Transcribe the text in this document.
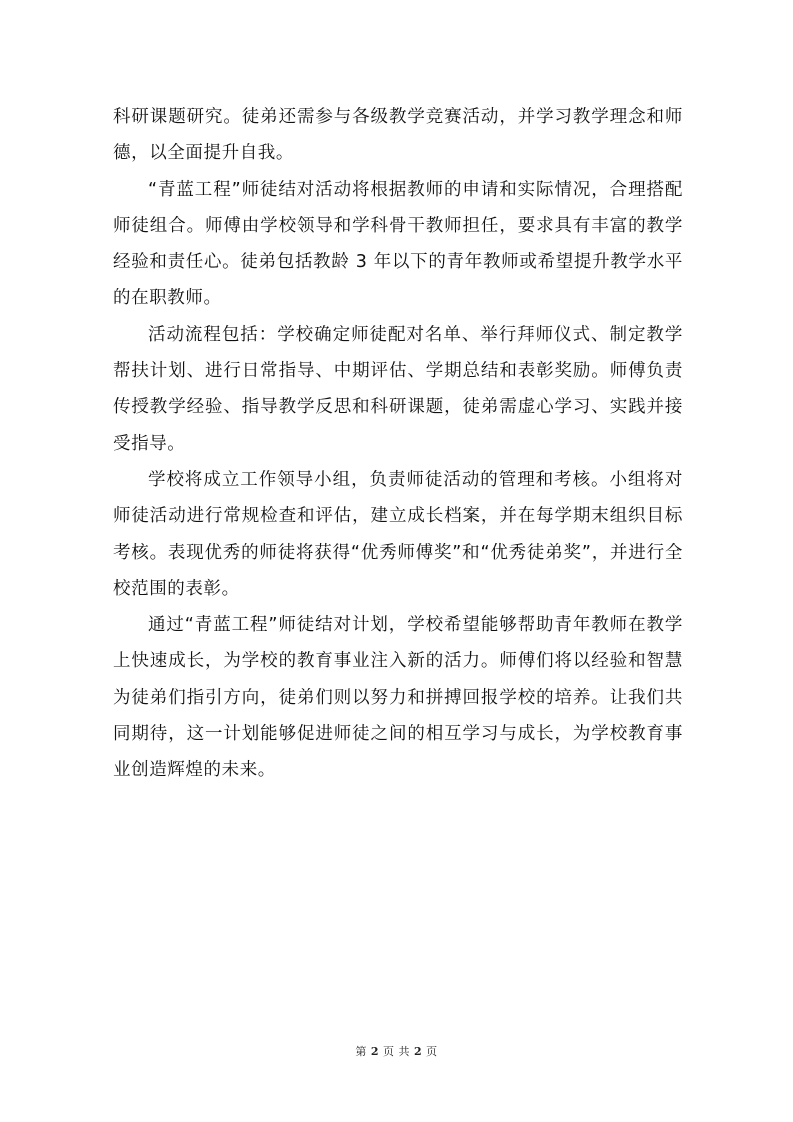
科研课题研究。徒弟还需参与各级教学竞赛活动，并学习教学理念和师德，以全面提升自我。

“青蓝工程”师徒结对活动将根据教师的申请和实际情况，合理搭配师徒组合。师傅由学校领导和学科骨干教师担任，要求具有丰富的教学经验和责任心。徒弟包括教龄 3 年以下的青年教师或希望提升教学水平的在职教师。

活动流程包括：学校确定师徒配对名单、举行拜师仪式、制定教学帮扶计划、进行日常指导、中期评估、学期总结和表彰奖励。师傅负责传授教学经验、指导教学反思和科研课题，徒弟需虚心学习、实践并接受指导。

学校将成立工作领导小组，负责师徒活动的管理和考核。小组将对师徒活动进行常规检查和评估，建立成长档案，并在每学期末组织目标考核。表现优秀的师徒将获得“优秀师傅奖”和“优秀徒弟奖”，并进行全校范围的表彰。

通过“青蓝工程”师徒结对计划，学校希望能够帮助青年教师在教学上快速成长，为学校的教育事业注入新的活力。师傅们将以经验和智慧为徒弟们指引方向，徒弟们则以努力和拼搏回报学校的培养。让我们共同期待，这一计划能够促进师徒之间的相互学习与成长，为学校教育事业创造辉煌的未来。

第 2 页 共 2 页
